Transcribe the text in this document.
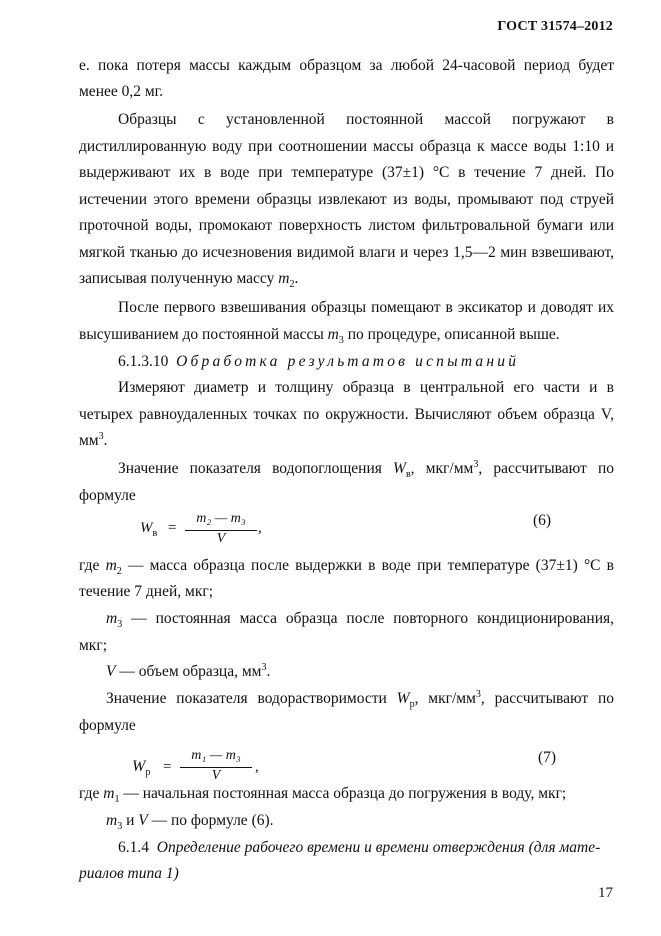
ГОСТ 31574–2012
е. пока потеря массы каждым образцом за любой 24-часовой период будет
менее 0,2 мг.
Образцы с установленной постоянной массой погружают в
дистиллированную воду при соотношении массы образца к массе воды 1:10 и
выдерживают их в воде при температуре (37±1) °С в течение 7 дней. По
истечении этого времени образцы извлекают из воды, промывают под струей
проточной воды, промокают поверхность листом фильтровальной бумаги или
мягкой тканью до исчезновения видимой влаги и через 1,5—2 мин взвешивают,
записывая полученную массу $m_2$.
После первого взвешивания образцы помещают в эксикатор и доводят их
высушиванием до постоянной массы $m_3$ по процедуре, описанной выше.
6.1.3.10 Обработка результатов испытаний
Измеряют диаметр и толщину образца в центральной его части и в
четырех равноудаленных точках по окружности. Вычисляют объем образца V,
$мм^3$.
Значение показателя водопоглощения $W_в$, мкг/$мм^3$, рассчитывают по
формуле
$W_в$ =
m₂ — m₃
V
,	(6)
где $m_2$ — масса образца после выдержки в воде при температуре (37±1) °С в
течение 7 дней, мкг;
$m_3$ — постоянная масса образца после повторного кондиционирования,
мкг;
V — объем образца, $мм^3$.
Значение показателя водорастворимости $W_р$, мкг/$мм^3$, рассчитывают по
формуле
$W_р$ =
m₁ — m₃
V
,
(7)
где $m_1$ — начальная постоянная масса образца до погружения в воду, мкг;
$m_3$ и V — по формуле (6).
6.1.4 Определение рабочего времени и времени отверждения (для мате-
риалов типа 1)
17
